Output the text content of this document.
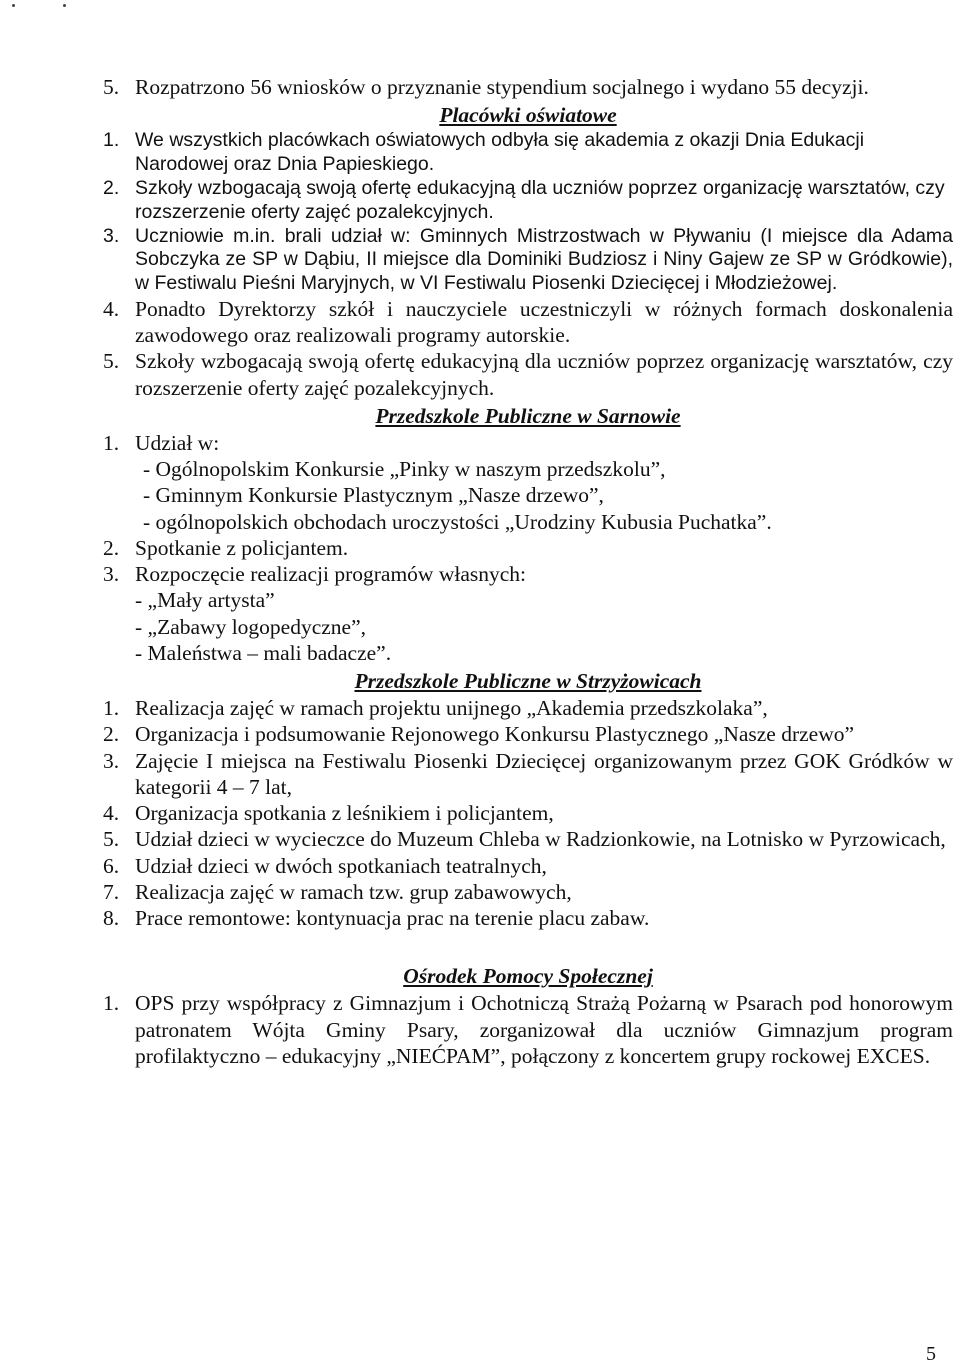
5. Rozpatrzono 56 wniosków o przyznanie stypendium socjalnego i wydano 55 decyzji.
Placówki oświatowe
1. We wszystkich placówkach oświatowych odbyła się akademia z okazji Dnia Edukacji Narodowej oraz Dnia Papieskiego.
2. Szkoły wzbogacają swoją ofertę edukacyjną dla uczniów poprzez organizację warsztatów, czy rozszerzenie oferty zajęć pozalekcyjnych.
3. Uczniowie m.in. brali udział w: Gminnych Mistrzostwach w Pływaniu (I miejsce dla Adama Sobczyka ze SP w Dąbiu, II miejsce dla Dominiki Budziosz i Niny Gajew ze SP w Gródkowie), w Festiwalu Pieśni Maryjnych, w VI Festiwalu Piosenki Dziecięcej i Młodzieżowej.
4. Ponadto Dyrektorzy szkół i nauczyciele uczestniczyli w różnych formach doskonalenia zawodowego oraz realizowali programy autorskie.
5. Szkoły wzbogacają swoją ofertę edukacyjną dla uczniów poprzez organizację warsztatów, czy rozszerzenie oferty zajęć pozalekcyjnych.
Przedszkole Publiczne w Sarnowie
1. Udział w:
- Ogólnopolskim Konkursie „Pinky w naszym przedszkolu”,
- Gminnym Konkursie Plastycznym „Nasze drzewo”,
- ogólnopolskich obchodach uroczystości „Urodziny Kubusia Puchatka”.
2. Spotkanie z policjantem.
3. Rozpoczęcie realizacji programów własnych:
- „Mały artysta”
- „Zabawy logopedyczne”,
- Maleństwa – mali badacze”.
Przedszkole Publiczne w Strzyżowicach
1. Realizacja zajęć w ramach projektu unijnego „Akademia przedszkolaka”,
2. Organizacja i podsumowanie Rejonowego Konkursu Plastycznego „Nasze drzewo”
3. Zajęcie I miejsca na Festiwalu Piosenki Dziecięcej organizowanym przez GOK Gródków w kategorii 4 – 7 lat,
4. Organizacja spotkania z leśnikiem i policjantem,
5. Udział dzieci w wycieczce do Muzeum Chleba w Radzionkowie, na Lotnisko w Pyrzowicach,
6. Udział dzieci w dwóch spotkaniach teatralnych,
7. Realizacja zajęć w ramach tzw. grup zabawowych,
8. Prace remontowe: kontynuacja prac na terenie placu zabaw.
Ośrodek Pomocy Społecznej
1. OPS przy współpracy z Gimnazjum i Ochotniczą Strażą Pożarną w Psarach pod honorowym patronatem Wójta Gminy Psary, zorganizował dla uczniów Gimnazjum program profilaktyczno – edukacyjny „NIEĆPAM”, połączony z koncertem grupy rockowej EXCES.
5
